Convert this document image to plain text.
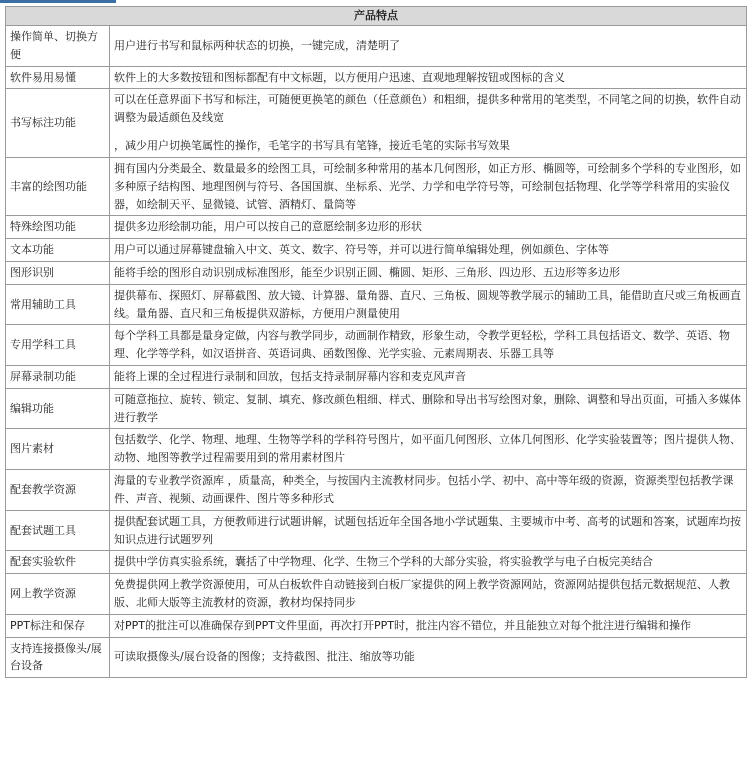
产品特点	
操作简单、切换方便	用户进行书写和鼠标两种状态的切换，一键完成，清楚明了

软件易用易懂	软件上的大多数按钮和图标都配有中文标题，以方便用户迅速、直观地理解按钮或图标的含义

书写标注功能	可以在任意界面下书写和标注，可随便更换笔的颜色（任意颜色）和粗细，提供多种常用的笔类型，不同笔之间的切换，软件自动调整为最适颜色及线宽
，减少用户切换笔属性的操作，毛笔字的书写具有笔锋，接近毛笔的实际书写效果

丰富的绘图功能	拥有国内分类最全、数量最多的绘图工具，可绘制多种常用的基本几何图形，如正方形、椭圆等，可绘制多个学科的专业图形，如多种原子结构图、地理图例与符号、各国国旗、坐标系、光学、力学和电学符号等，可绘制包括物理、化学等学科常用的实验仪器，如绘制天平、显微镜、试管、酒精灯、量筒等

特殊绘图功能	提供多边形绘制功能，用户可以按自己的意愿绘制多边形的形状

文本功能	用户可以通过屏幕键盘输入中文、英文、数字、符号等，并可以进行简单编辑处理，例如颜色、字体等

图形识别	能将手绘的图形自动识别成标准图形，能至少识别正圆、椭圆、矩形、三角形、四边形、五边形等多边形

常用辅助工具	提供幕布、探照灯、屏幕截图、放大镜、计算器、量角器、直尺、三角板、圆规等教学展示的辅助工具，能借助直尺或三角板画直线。量角器、直尺和三角板提供双游标，方便用户测量使用

专用学科工具	每个学科工具都是量身定做，内容与教学同步，动画制作精致，形象生动，令教学更轻松，学科工具包括语文、数学、英语、物理、化学等学科，如汉语拼音、英语词典、函数图像、光学实验、元素周期表、乐器工具等

屏幕录制功能	能将上课的全过程进行录制和回放，包括支持录制屏幕内容和麦克风声音

编辑功能	可随意拖拉、旋转、锁定、复制、填充、修改颜色粗细、样式、删除和导出书写绘图对象，删除、调整和导出页面，可插入多媒体进行教学

图片素材	包括数学、化学、物理、地理、生物等学科的学科符号图片，如平面几何图形、立体几何图形、化学实验装置等；图片提供人物、动物、地图等教学过程需要用到的常用素材图片

配套教学资源	海量的专业教学资源库 ，质量高，种类全，与按国内主流教材同步。包括小学、初中、高中等年级的资源，资源类型包括教学课件、声音、视频、动画课件、图片等多种形式

配套试题工具	提供配套试题工具，方便教师进行试题讲解，试题包括近年全国各地小学试题集、主要城市中考、高考的试题和答案，试题库均按知识点进行试题罗列

配套实验软件	提供中学仿真实验系统，囊括了中学物理、化学、生物三个学科的大部分实验，将实验教学与电子白板完美结合

网上教学资源	免费提供网上教学资源使用，可从白板软件自动链接到白板厂家提供的网上教学资源网站，资源网站提供包括元数据规范、人教版、北师大版等主流教材的资源，教材均保持同步

PPT标注和保存	对PPT的批注可以准确保存到PPT文件里面，再次打开PPT时，批注内容不错位，并且能独立对每个批注进行编辑和操作

支持连接摄像头/展台设备	可读取摄像头/展台设备的图像；支持截图、批注、缩放等功能
